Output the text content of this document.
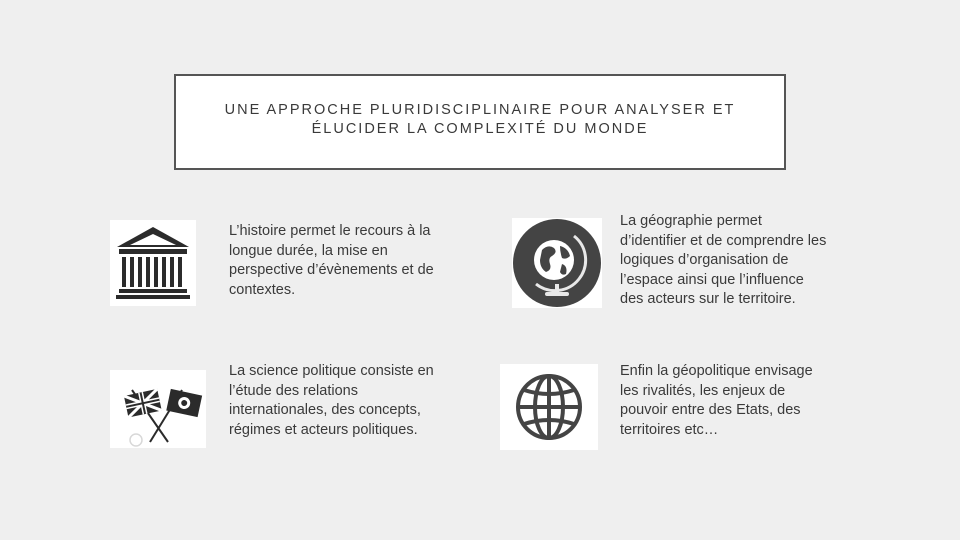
UNE APPROCHE PLURIDISCIPLINAIRE POUR ANALYSER ET
ÉLUCIDER LA COMPLEXITÉ DU MONDE
L’histoire permet le recours à la
longue durée, la mise en
perspective d’évènements et de
contextes.
La géographie permet
d’identifier et de comprendre les
logiques d’organisation de
l’espace ainsi que l’influence
des acteurs sur le territoire.
La science politique consiste en
l’étude des relations
internationales, des concepts,
régimes et acteurs politiques.
Enfin la géopolitique envisage
les rivalités, les enjeux de
pouvoir entre des Etats, des
territoires etc…
